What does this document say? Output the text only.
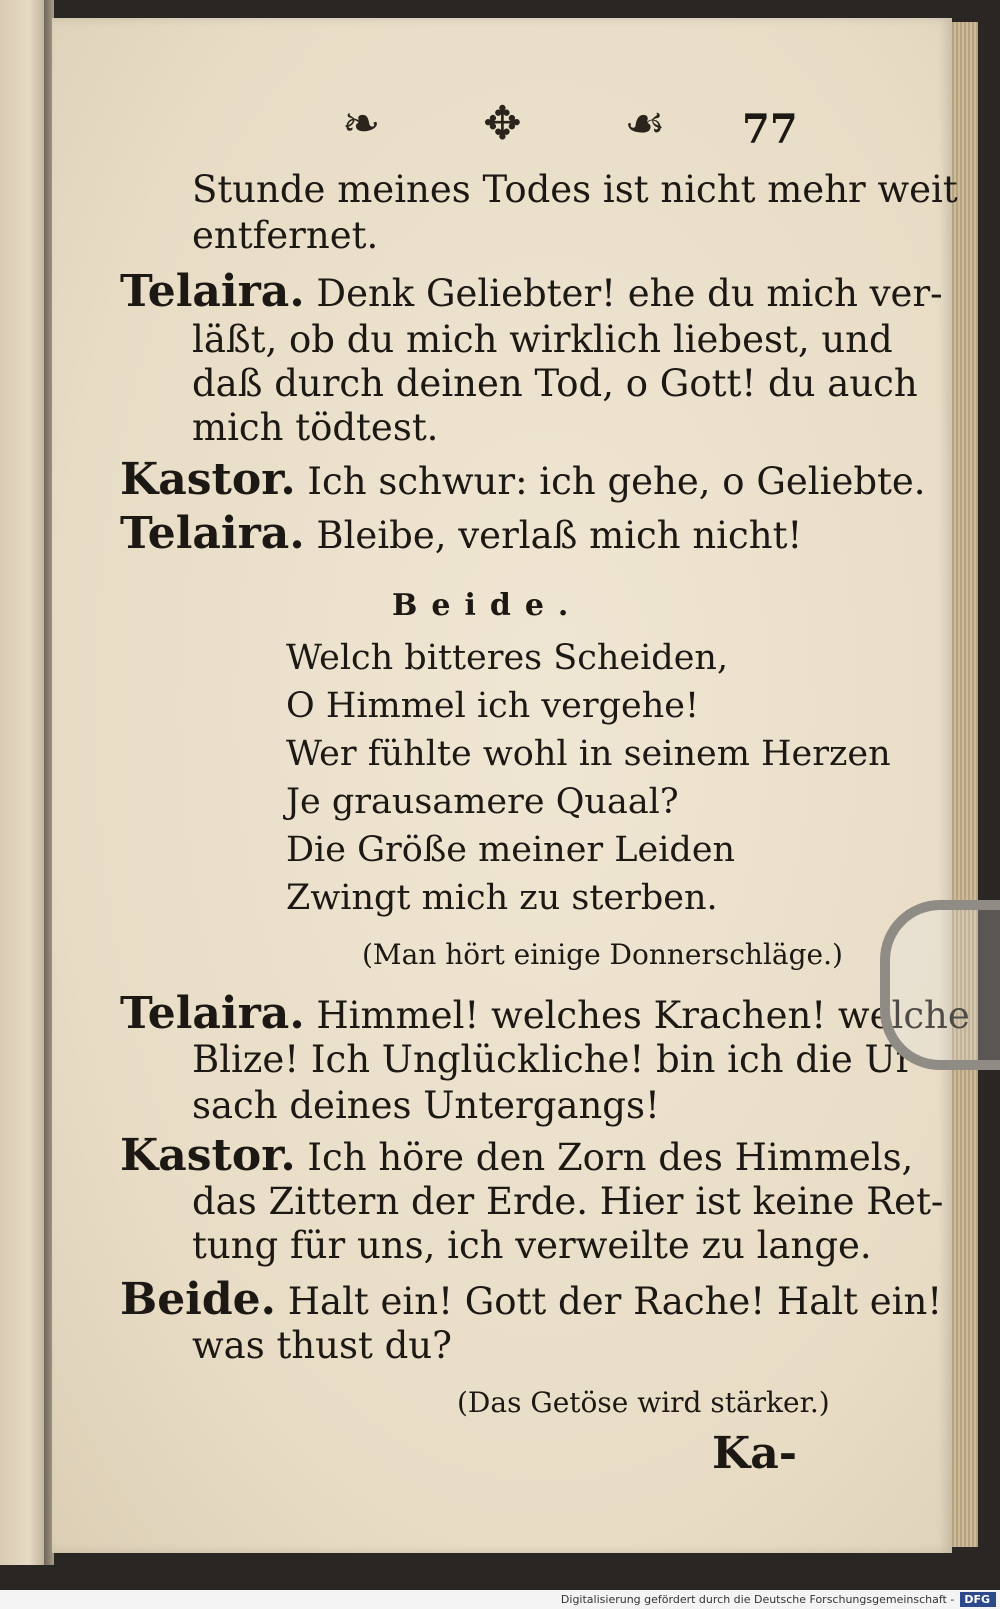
❧ ✥ ☙ 77
Stunde meines Todes ist nicht mehr weit
entfernet.
Telaira. Denk Geliebter! ehe du mich ver-
läßt, ob du mich wirklich liebest, und
daß durch deinen Tod, o Gott! du auch
mich tödtest.
Kastor. Ich schwur: ich gehe, o Geliebte.
Telaira. Bleibe, verlaß mich nicht!
Beide.
Welch bitteres Scheiden,
O Himmel ich vergehe!
Wer fühlte wohl in seinem Herzen
Je grausamere Quaal?
Die Größe meiner Leiden
Zwingt mich zu sterben.
(Man hört einige Donnerschläge.)
Telaira. Himmel! welches Krachen! welche
Blize! Ich Unglückliche! bin ich die Ur-
sach deines Untergangs!
Kastor. Ich höre den Zorn des Himmels,
das Zittern der Erde. Hier ist keine Ret-
tung für uns, ich verweilte zu lange.
Beide. Halt ein! Gott der Rache! Halt ein!
was thust du?
(Das Getöse wird stärker.)
Ka-
Digitalisierung gefördert durch die Deutsche Forschungsgemeinschaft - DFG
